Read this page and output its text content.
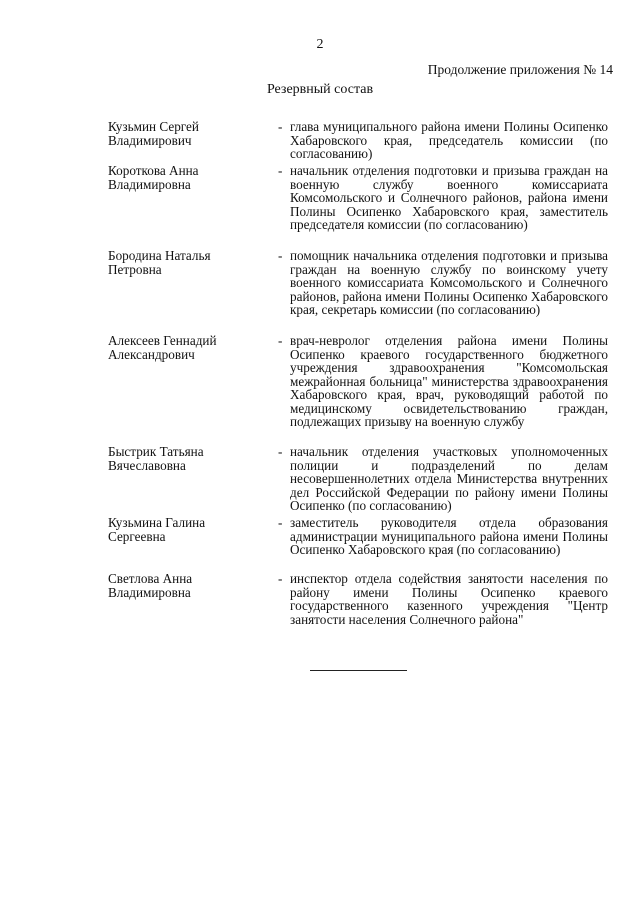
2
Продолжение приложения № 14
Резервный состав
Кузьмин Сергей
Владимирович
- глава муниципального района имени Полины Осипенко Хабаровского края, председатель комиссии (по согласованию)
Короткова Анна
Владимировна
- начальник отделения подготовки и призыва граждан на военную службу военного комиссариата Комсомольского и Солнечного районов, района имени Полины Осипенко Хабаровского края, заместитель председателя комиссии (по согласованию)
Бородина Наталья
Петровна
- помощник начальника отделения подготовки и призыва граждан на военную службу по воинскому учету военного комиссариата Комсомольского и Солнечного районов, района имени Полины Осипенко Хабаровского края, секретарь комиссии (по согласованию)
Алексеев Геннадий
Александрович
- врач-невролог отделения района имени Полины Осипенко краевого государственного бюджетного учреждения здравоохранения "Комсомольская межрайонная больница" министерства здравоохранения Хабаровского края, врач, руководящий работой по медицинскому освидетельствованию граждан, подлежащих призыву на военную службу
Быстрик Татьяна
Вячеславовна
- начальник отделения участковых уполномоченных полиции и подразделений по делам несовершеннолетних отдела Министерства внутренних дел Российской Федерации по району имени Полины Осипенко (по согласованию)
Кузьмина Галина
Сергеевна
- заместитель руководителя отдела образования администрации муниципального района имени Полины Осипенко Хабаровского края (по согласованию)
Светлова Анна
Владимировна
- инспектор отдела содействия занятости населения по району имени Полины Осипенко краевого государственного казенного учреждения "Центр занятости населения Солнечного района"
